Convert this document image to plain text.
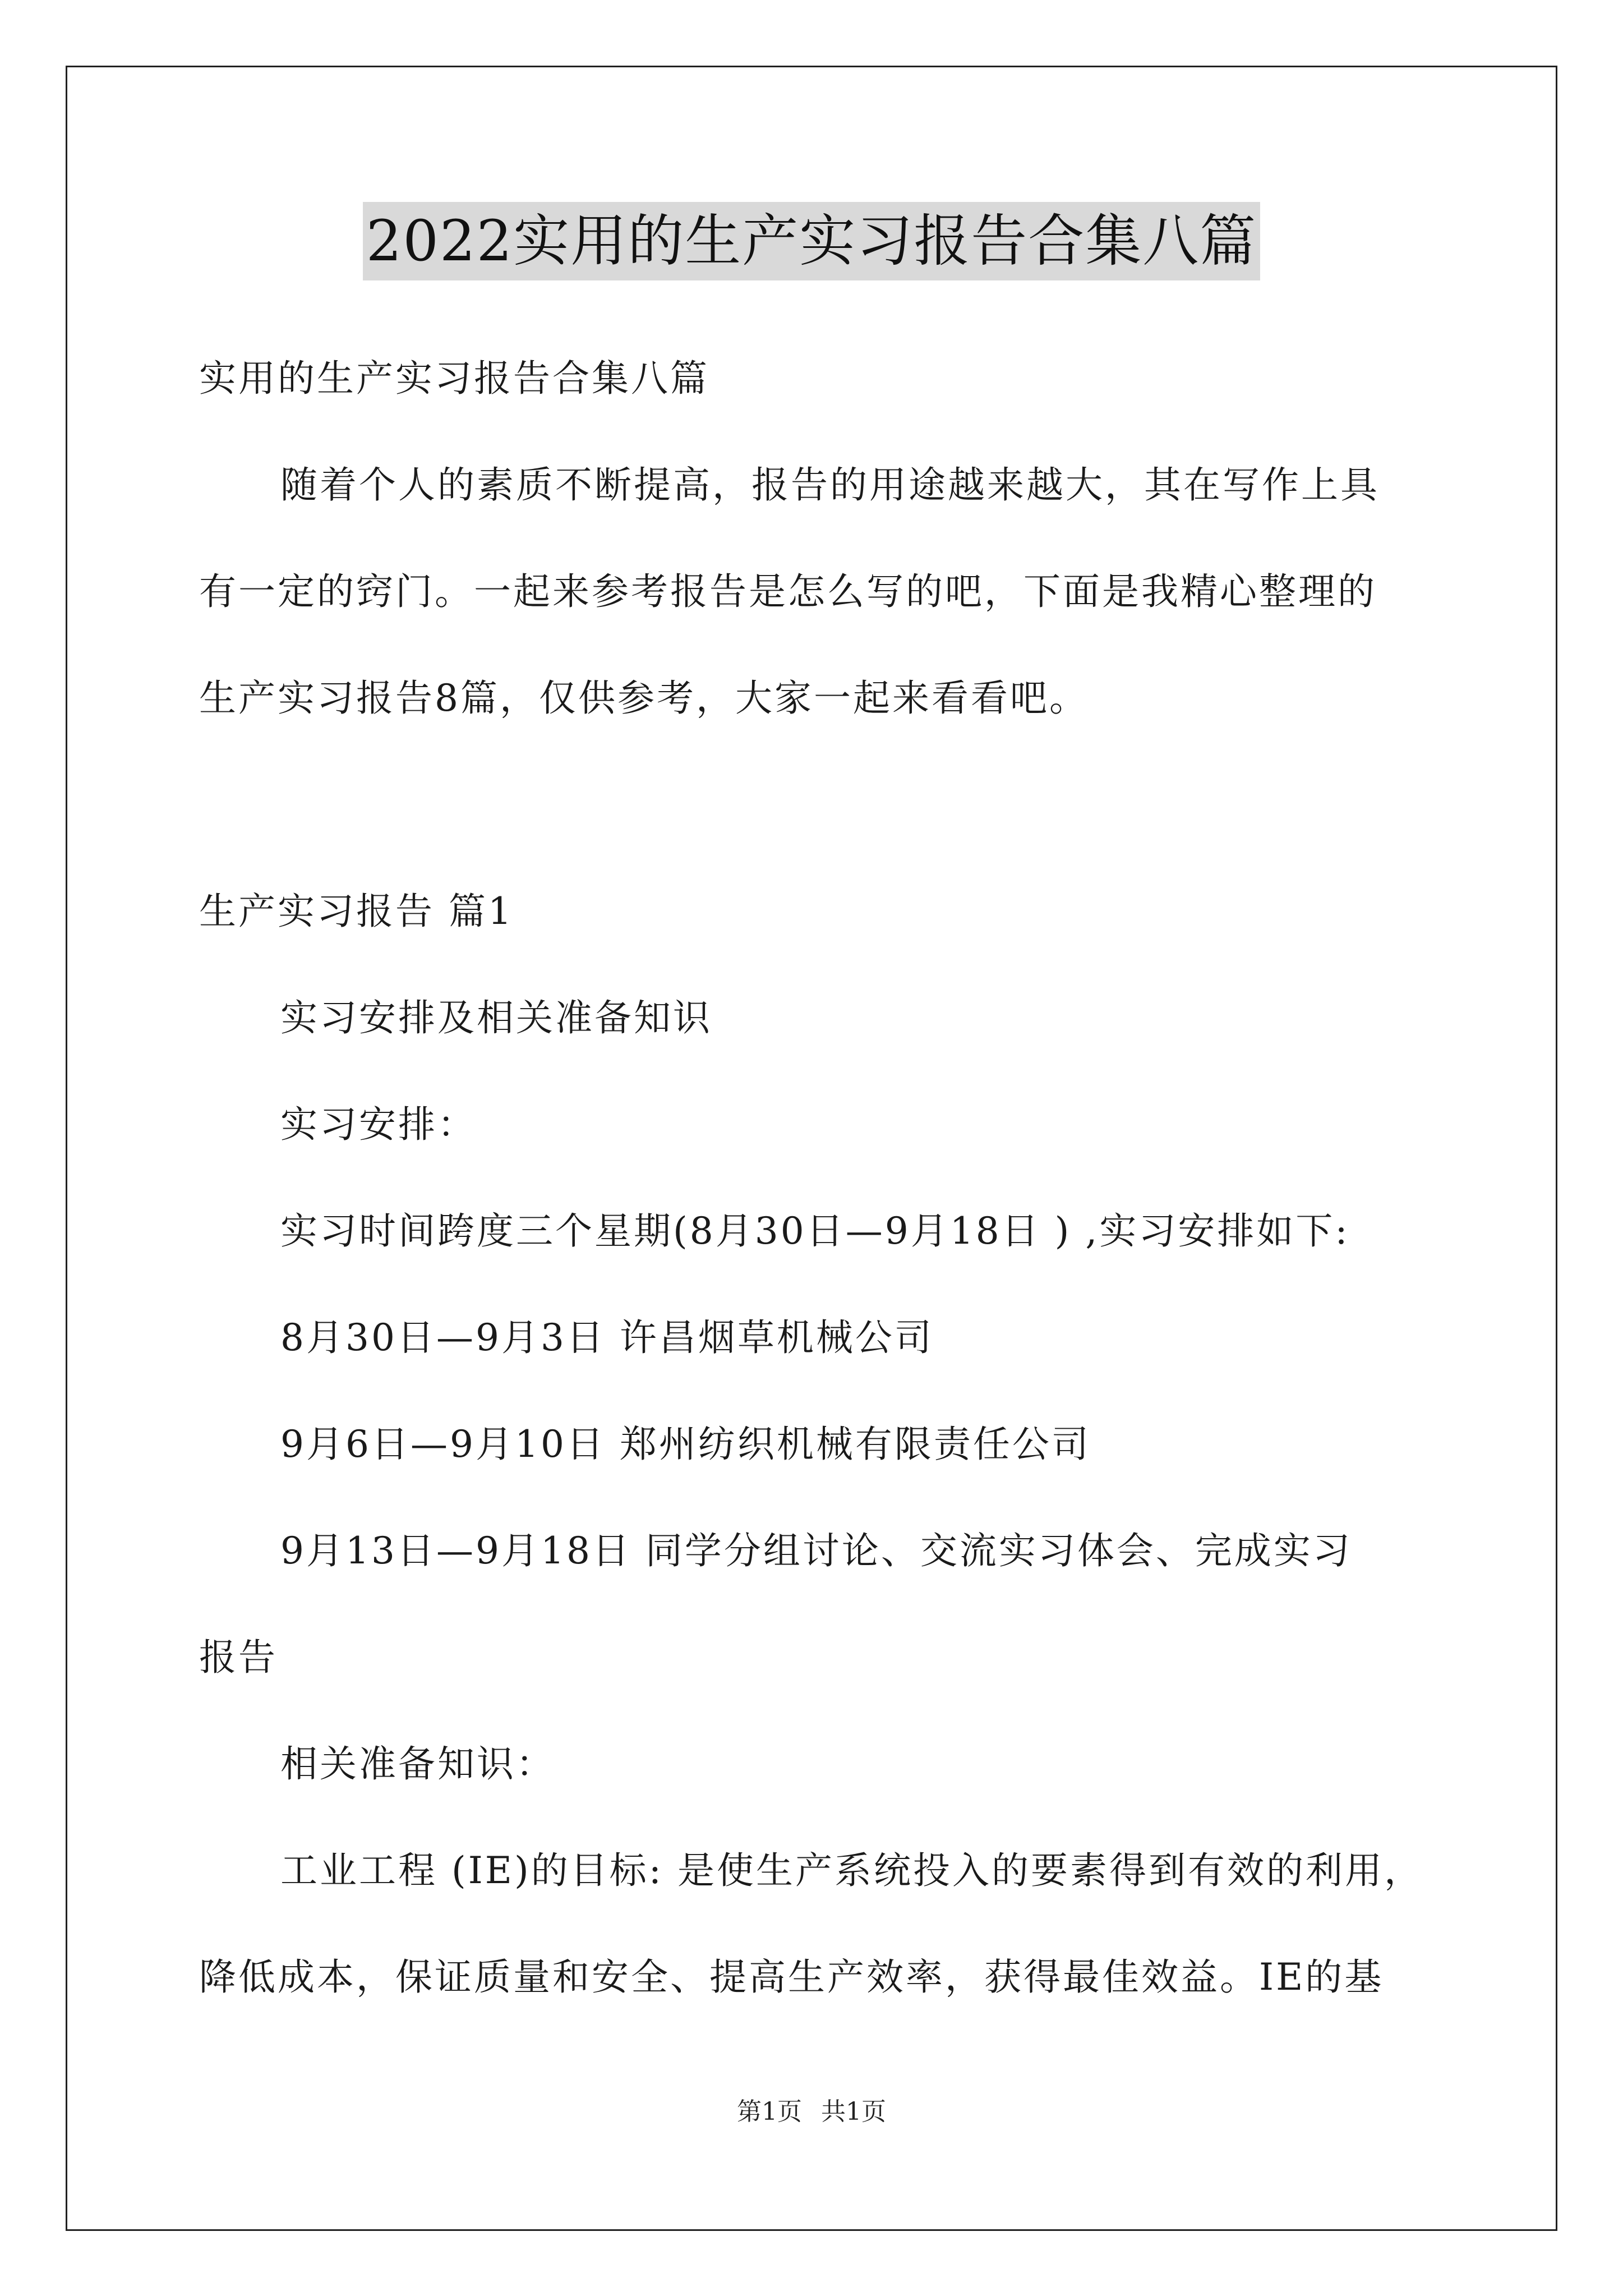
2022实用的生产实习报告合集八篇
实用的生产实习报告合集八篇
随着个人的素质不断提高，报告的用途越来越大，其在写作上具
有一定的窍门。一起来参考报告是怎么写的吧，下面是我精心整理的
生产实习报告8篇，仅供参考，大家一起来看看吧。
生产实习报告 篇1
实习安排及相关准备知识
实习安排：
实习时间跨度三个星期(8月30日—9月18日 ) ,实习安排如下:
8月30日—9月3日 许昌烟草机械公司
9月6日—9月10日 郑州纺织机械有限责任公司
9月13日—9月18日 同学分组讨论、交流实习体会、完成实习
报告
相关准备知识：
工业工程 (IE)的目标: 是使生产系统投入的要素得到有效的利用，
降低成本，保证质量和安全、提高生产效率，获得最佳效益。IE的基
第1页 共1页
